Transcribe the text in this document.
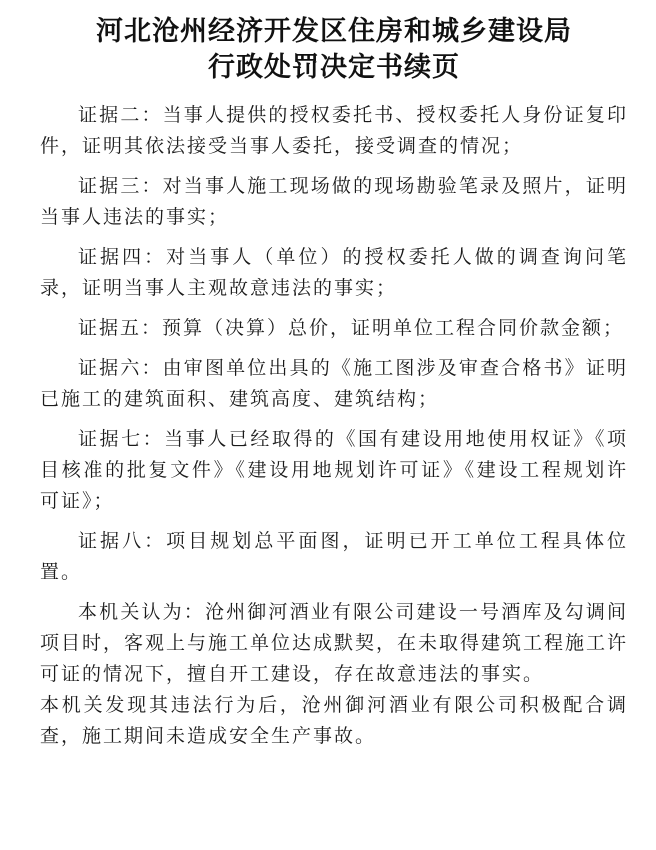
河北沧州经济开发区住房和城乡建设局
行政处罚决定书续页

证据二：当事人提供的授权委托书、授权委托人身份证复印件，证明其依法接受当事人委托，接受调查的情况；

证据三：对当事人施工现场做的现场勘验笔录及照片，证明当事人违法的事实；

证据四：对当事人（单位）的授权委托人做的调查询问笔录，证明当事人主观故意违法的事实；

证据五：预算（决算）总价，证明单位工程合同价款金额；

证据六：由审图单位出具的《施工图涉及审查合格书》证明已施工的建筑面积、建筑高度、建筑结构；

证据七：当事人已经取得的《国有建设用地使用权证》《项目核准的批复文件》《建设用地规划许可证》《建设工程规划许可证》；

证据八：项目规划总平面图，证明已开工单位工程具体位置。

本机关认为：沧州御河酒业有限公司建设一号酒库及勾调间项目时，客观上与施工单位达成默契，在未取得建筑工程施工许可证的情况下，擅自开工建设，存在故意违法的事实。

本机关发现其违法行为后，沧州御河酒业有限公司积极配合调查，施工期间未造成安全生产事故。
